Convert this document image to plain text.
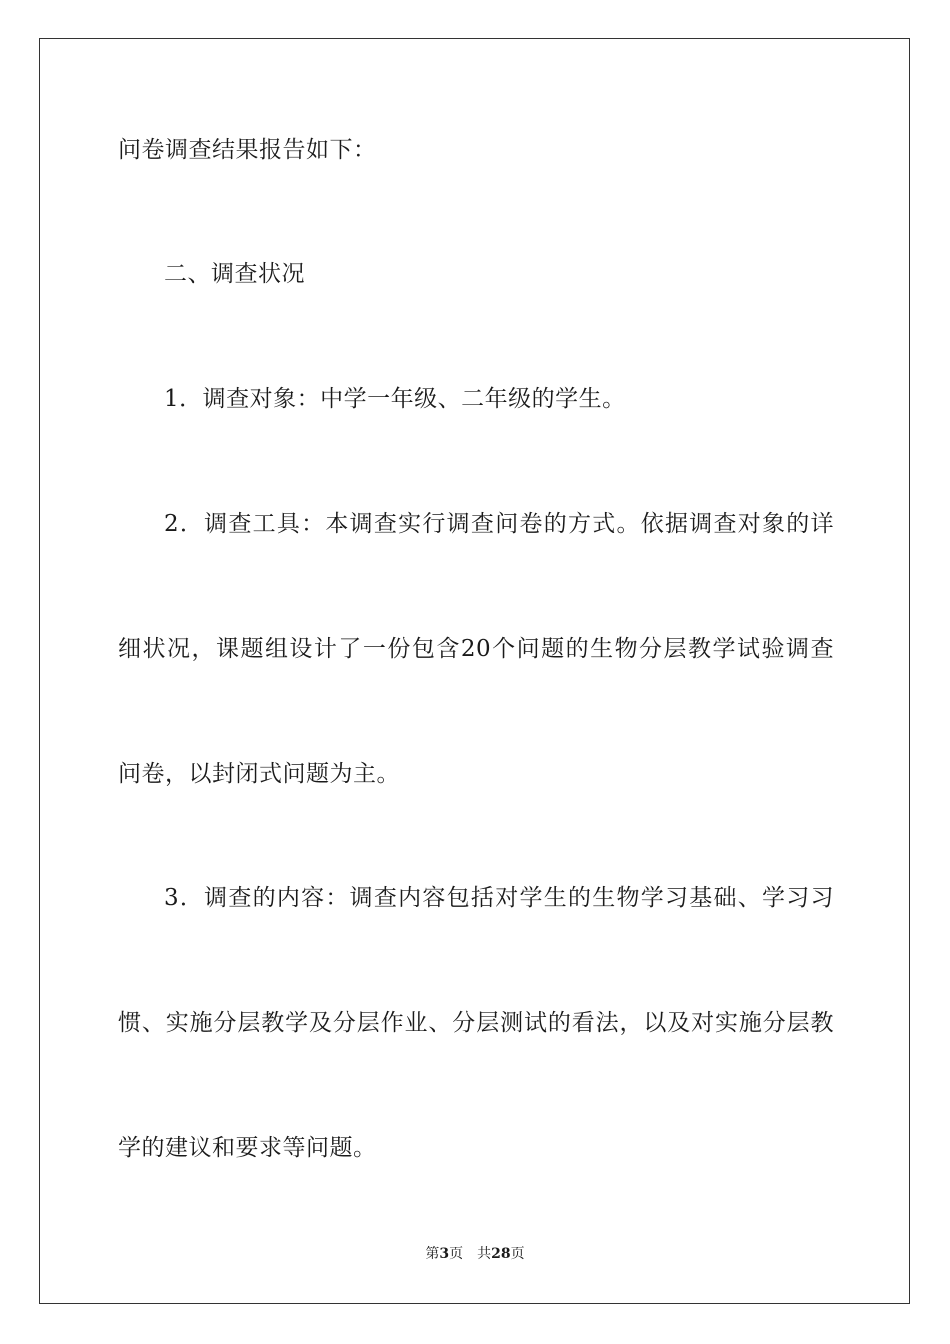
问卷调查结果报告如下：
二、调查状况
1．调查对象：中学一年级、二年级的学生。
2．调查工具：本调查实行调查问卷的方式。依据调查对象的详
细状况，课题组设计了一份包含20个问题的生物分层教学试验调查
问卷，以封闭式问题为主。
3．调查的内容：调查内容包括对学生的生物学习基础、学习习
惯、实施分层教学及分层作业、分层测试的看法，以及对实施分层教
学的建议和要求等问题。
第3页 共28页
